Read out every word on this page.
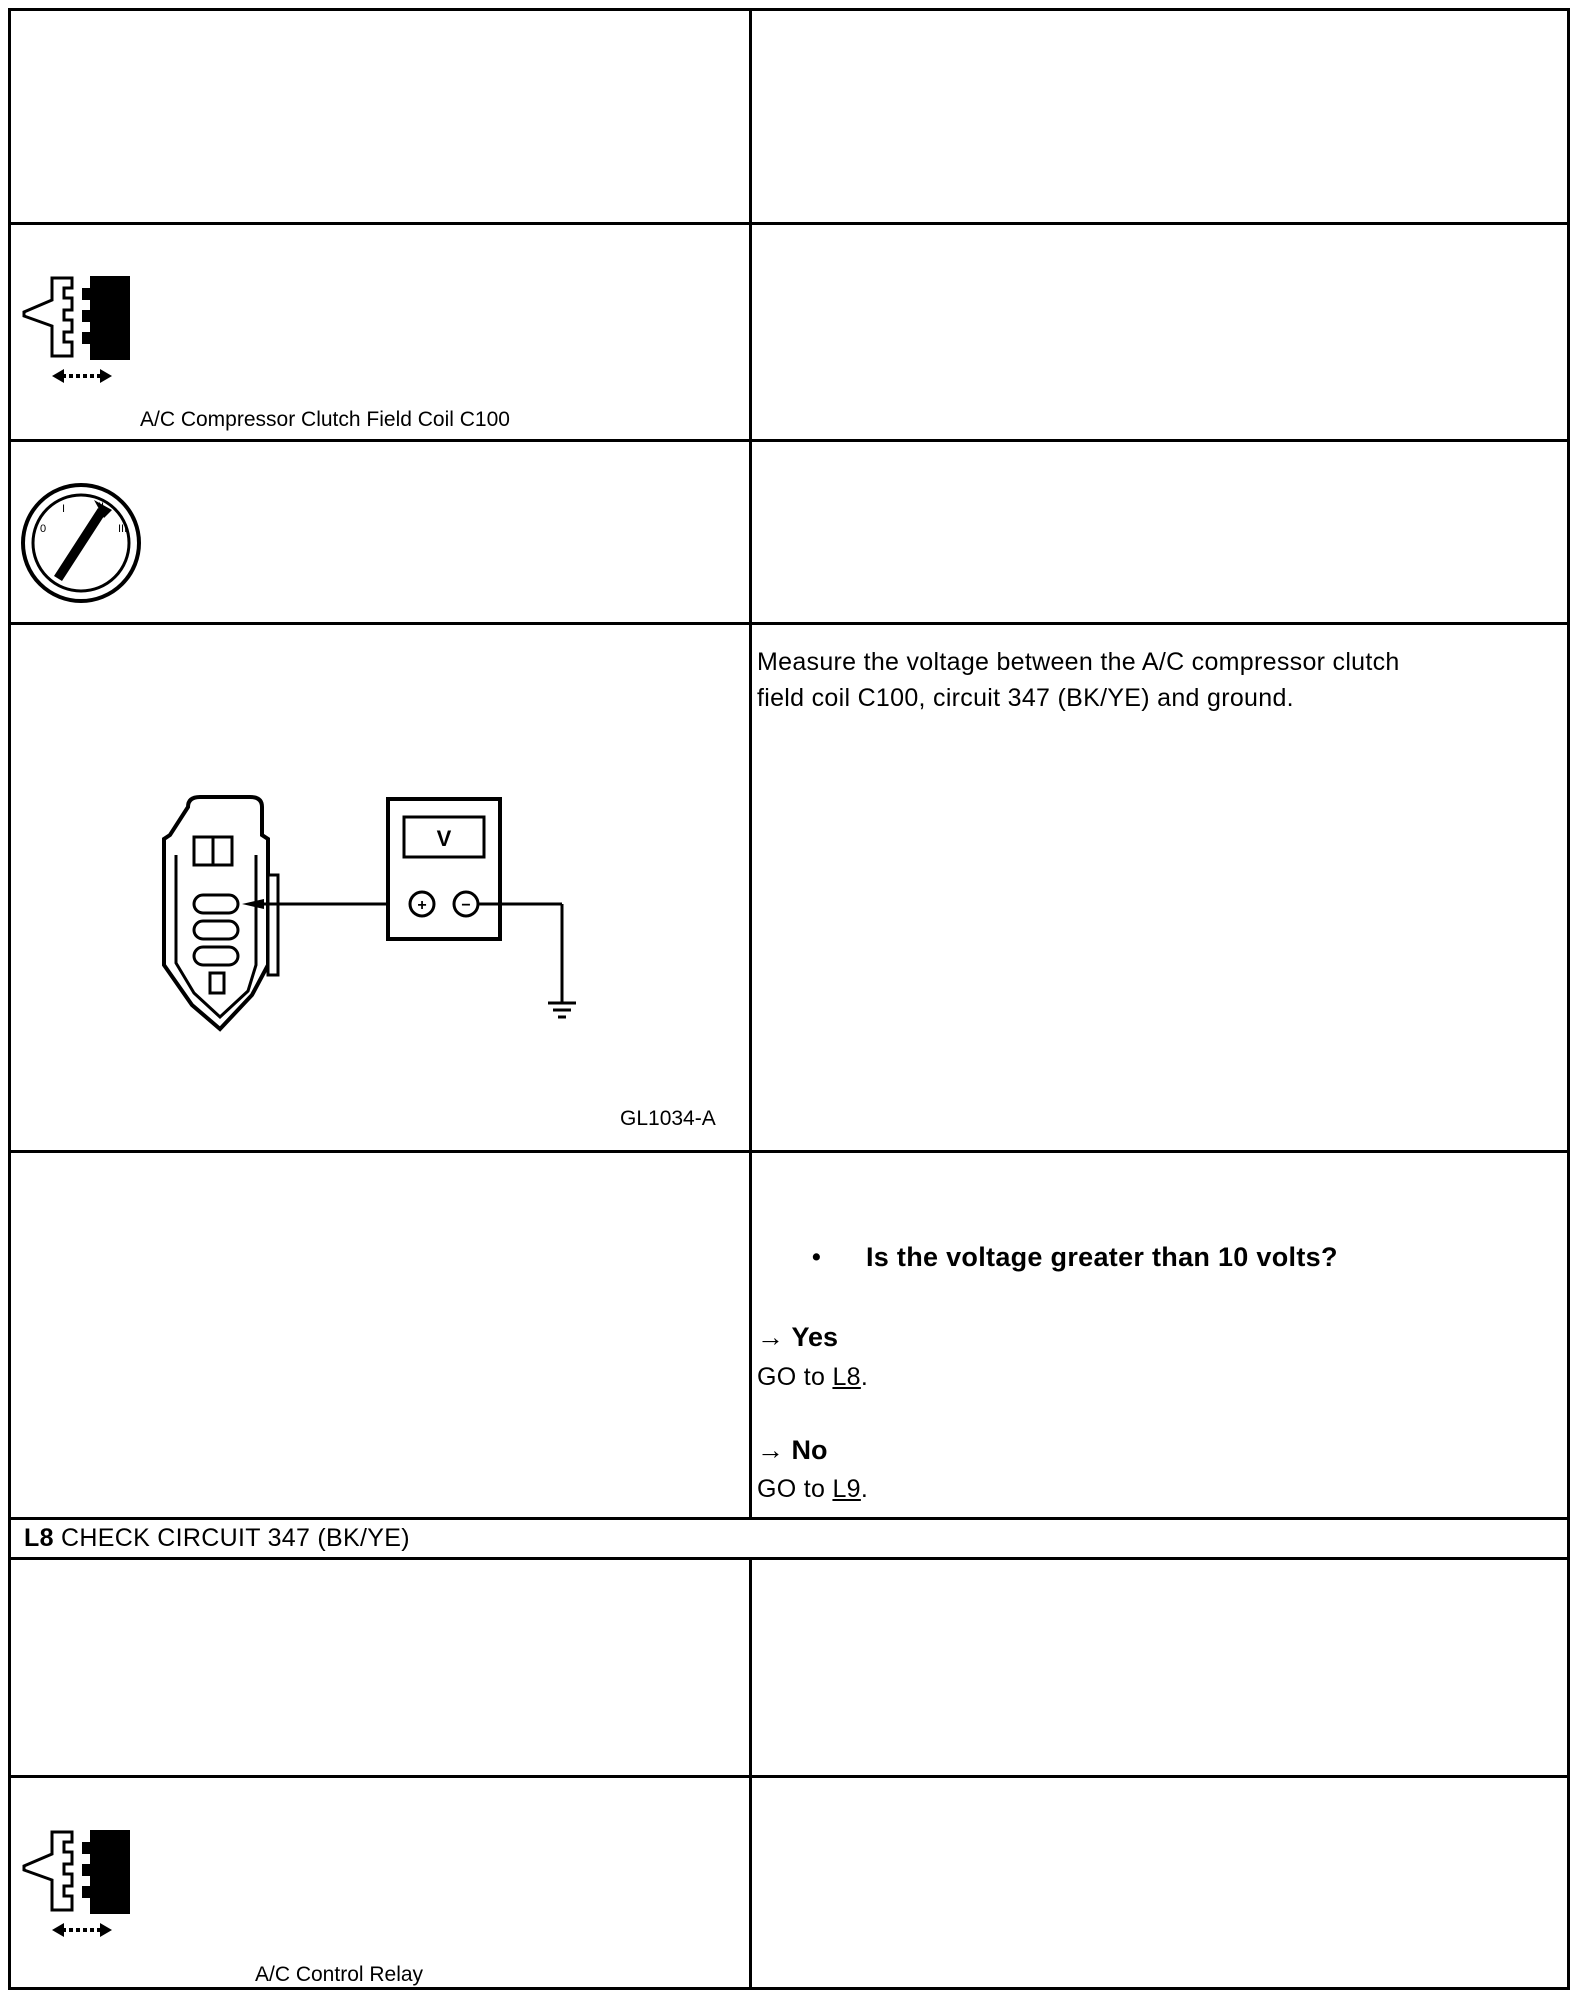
A/C Compressor Clutch Field Coil C100
0
I	II
III
V
+ −
GL1034-A
Measure the voltage between the A/C compressor clutch
field coil C100, circuit 347 (BK/YE) and ground.
• Is the voltage greater than 10 volts?
→ Yes
GO to L8.
→ No
GO to L9.
L8 CHECK CIRCUIT 347 (BK/YE)
A/C Control Relay
